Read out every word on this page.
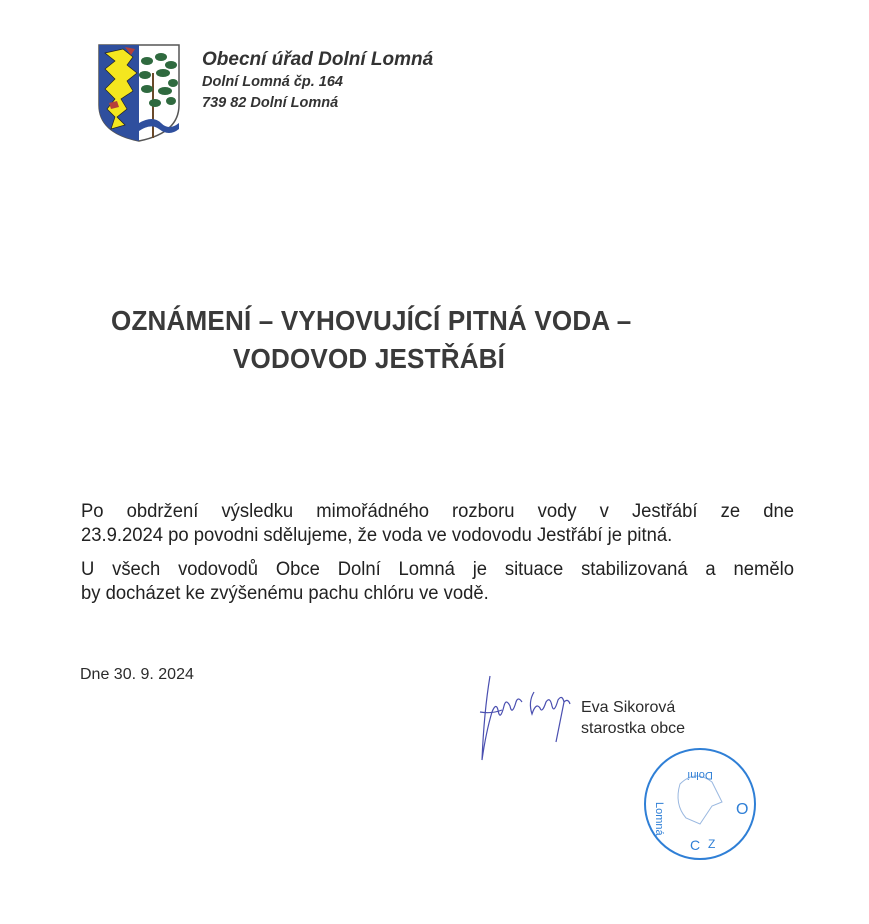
Obecní úřad Dolní Lomná
Dolní Lomná čp. 164
739 82 Dolní Lomná
OZNÁMENÍ – VYHOVUJÍCÍ PITNÁ VODA –
VODOVOD JESTŘÁBÍ

Po obdržení výsledku mimořádného rozboru vody v Jestřábí ze dne
23.9.2024 po povodni sdělujeme, že voda ve vodovodu Jestřábí je pitná.

U všech vodovodů Obce Dolní Lomná je situace stabilizovaná a nemělo
by docházet ke zvýšenému pachu chlóru ve vodě.

Dne 30. 9. 2024
Eva Sikorová
starostka obce
Dolní
Lomná	O
C Z
